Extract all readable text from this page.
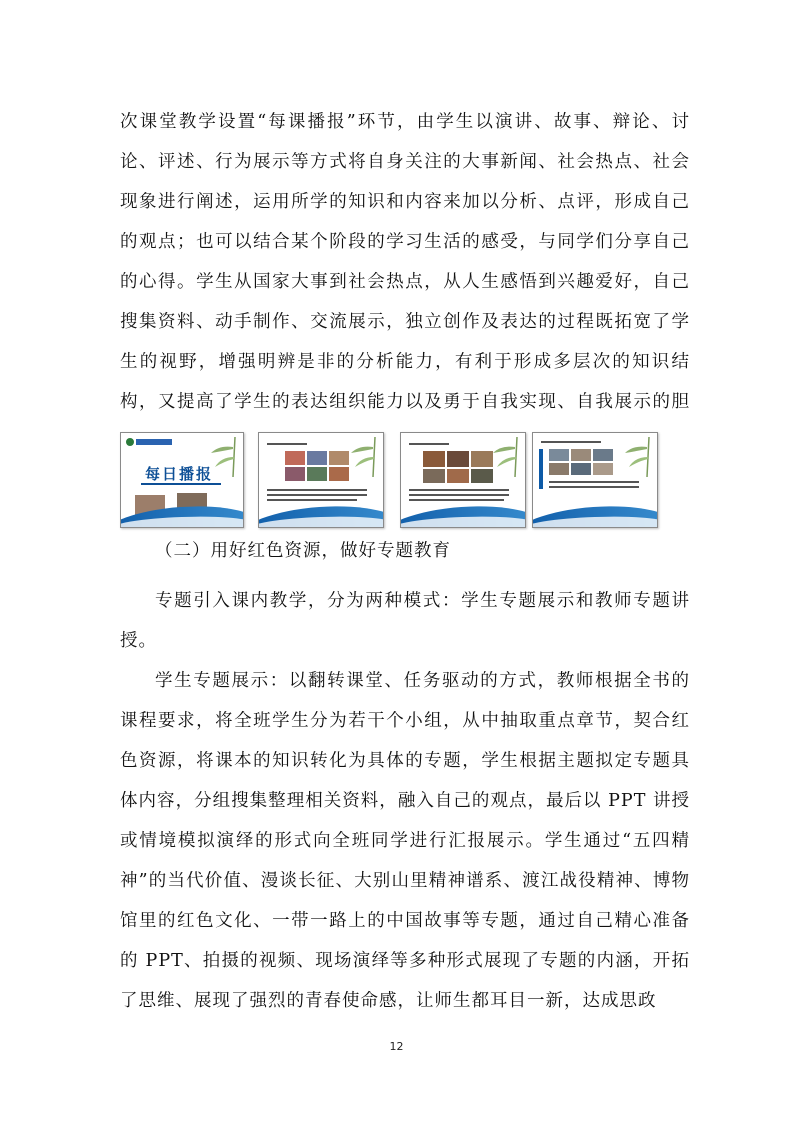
次课堂教学设置“每课播报”环节，由学生以演讲、故事、辩论、讨论、评述、行为展示等方式将自身关注的大事新闻、社会热点、社会现象进行阐述，运用所学的知识和内容来加以分析、点评，形成自己的观点；也可以结合某个阶段的学习生活的感受，与同学们分享自己的心得。学生从国家大事到社会热点，从人生感悟到兴趣爱好，自己搜集资料、动手制作、交流展示，独立创作及表达的过程既拓宽了学生的视野，增强明辨是非的分析能力，有利于形成多层次的知识结构，又提高了学生的表达组织能力以及勇于自我实现、自我展示的胆

每日播报

（二）用好红色资源，做好专题教育

专题引入课内教学，分为两种模式：学生专题展示和教师专题讲授。

学生专题展示：以翻转课堂、任务驱动的方式，教师根据全书的课程要求，将全班学生分为若干个小组，从中抽取重点章节，契合红色资源，将课本的知识转化为具体的专题，学生根据主题拟定专题具体内容，分组搜集整理相关资料，融入自己的观点，最后以 PPT 讲授或情境模拟演绎的形式向全班同学进行汇报展示。学生通过“五四精神”的当代价值、漫谈长征、大别山里精神谱系、渡江战役精神、博物馆里的红色文化、一带一路上的中国故事等专题，通过自己精心准备的 PPT、拍摄的视频、现场演绎等多种形式展现了专题的内涵，开拓了思维、展现了强烈的青春使命感，让师生都耳目一新，达成思政

12
